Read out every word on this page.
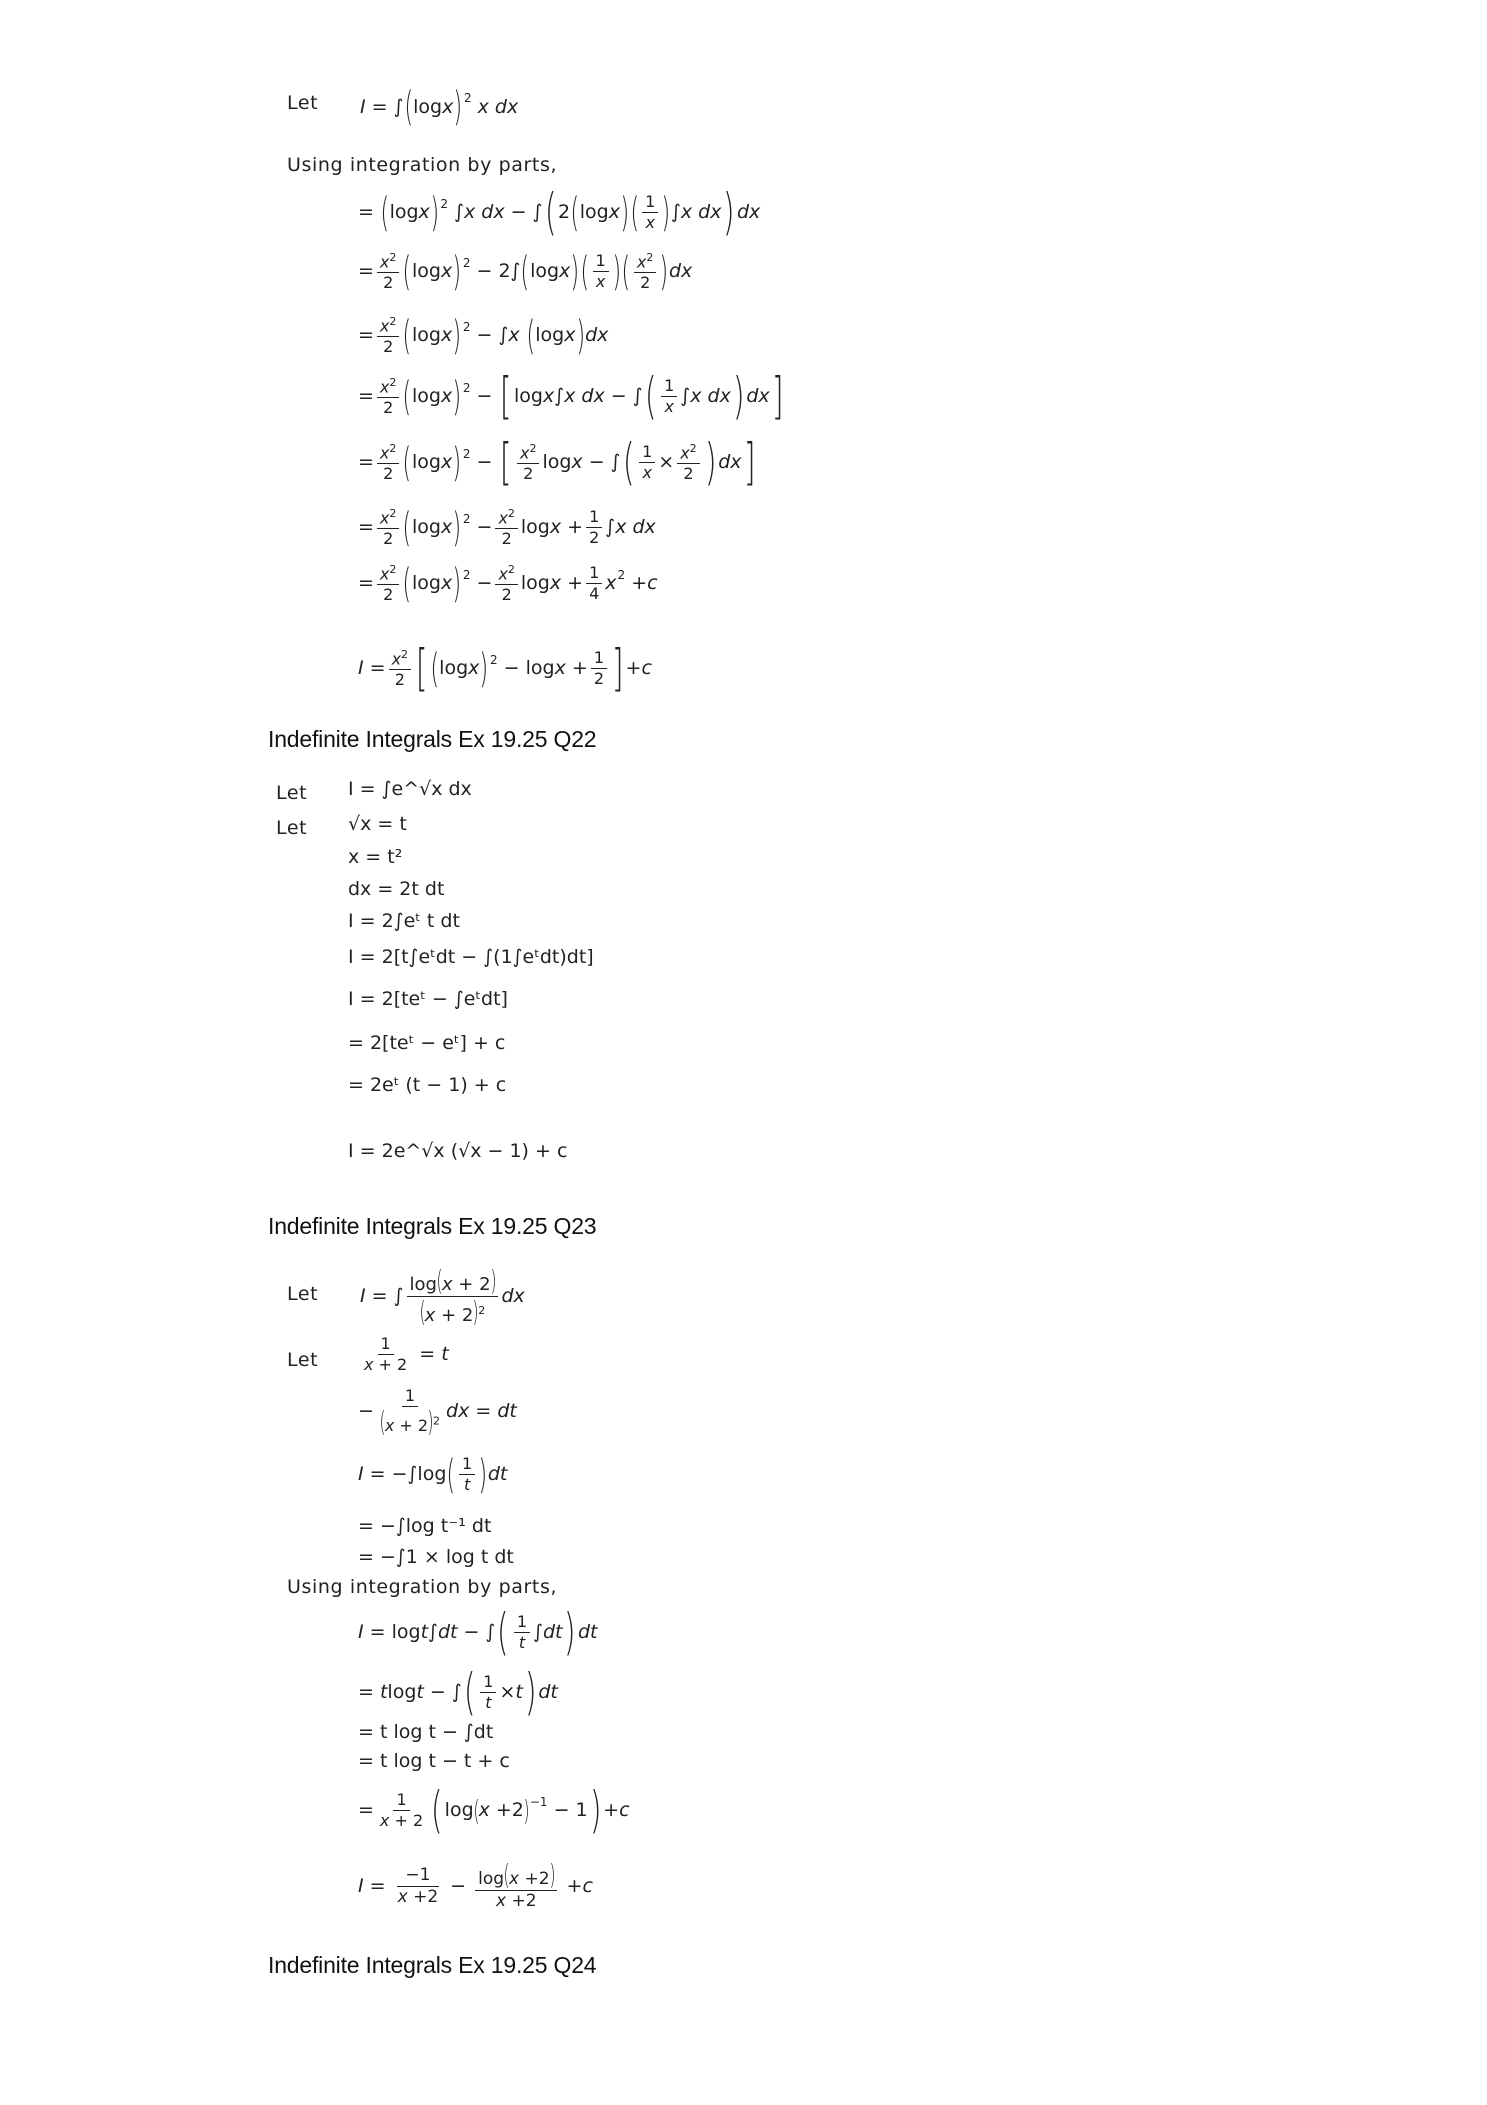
Let I = ∫ ( log x ) 2
x dx
Using integration by parts,
= ( log x ) 2 ∫ x dx − ∫ ( 2 ( log x ) ( $\frac{1}{x}$ ) ∫ x dx ) dx
= $\frac{x^2}{2}$ ( log x ) 2 − 2∫ ( log x ) ( $\frac{1}{x}$ ) ( $\frac{x^2}{2}$ ) dx
= $\frac{x^2}{2}$ ( log x ) 2 − ∫ x
( log x ) dx
= $\frac{x^2}{2}$ ( log x ) 2 − [ log x ∫ x dx − ∫ ( $\frac{1}{x}$ ∫ x dx ) dx ]
= $\frac{x^2}{2}$ ( log x ) 2 − [ $\frac{x^2}{2}$ log x − ∫ ( $\frac{1}{x} \times \frac{x^2}{2}$ ) dx ]
= $\frac{x^2}{2}$ ( log x ) $2 - \frac{x^2}{2}$ $\log x + \frac{1}{2}$ ∫ x dx
= $\frac{x^2}{2}$ ( log x ) $2 - \frac{x^2}{2}$ $\log x + \frac{1}{4}$ x 2 + c
$I = \frac{x^2}{2}$ [ ( log x ) $2 - \log x + \frac{1}{2}$ ] + c
Indefinite Integrals Ex 19.25 Q22
Let I = ∫e^√x dx
Let √x = t
x = t²
dx = 2t dt
I = 2∫eᵗ t dt
I = 2[t∫eᵗdt − ∫(1∫eᵗdt)dt]
I = 2[teᵗ − ∫eᵗdt]
= 2[teᵗ − eᵗ] + c
= 2eᵗ (t − 1) + c
I = 2e^√x (√x − 1) + c
Indefinite Integrals Ex 19.25 Q23
Let I = ∫ $\frac{\log(x + 2)}{(x + 2)^2}$ dx
Let	$\frac{1}{x + 2} = t$
− $\frac{1}{(x + 2)^2}$ dx = dt
I = −∫log ( $\frac{1}{t}$ ) dt
= −∫log t⁻¹ dt
= −∫1 × log t dt
Using integration by parts,
I = log t ∫ dt − ∫ ( $\frac{1}{t}$ ∫ dt ) dt
= t log t − ∫ ( $\frac{1}{t} \times t$ ) dt
= t log t − ∫dt
= t log t − t + c
= $\frac{1}{x + 2}$ ( log ( x +2 ) −1 − 1 ) + c
$I = \frac{-1}{x +2} - \frac{\log(x +2)}{x +2} + c$
Indefinite Integrals Ex 19.25 Q24
